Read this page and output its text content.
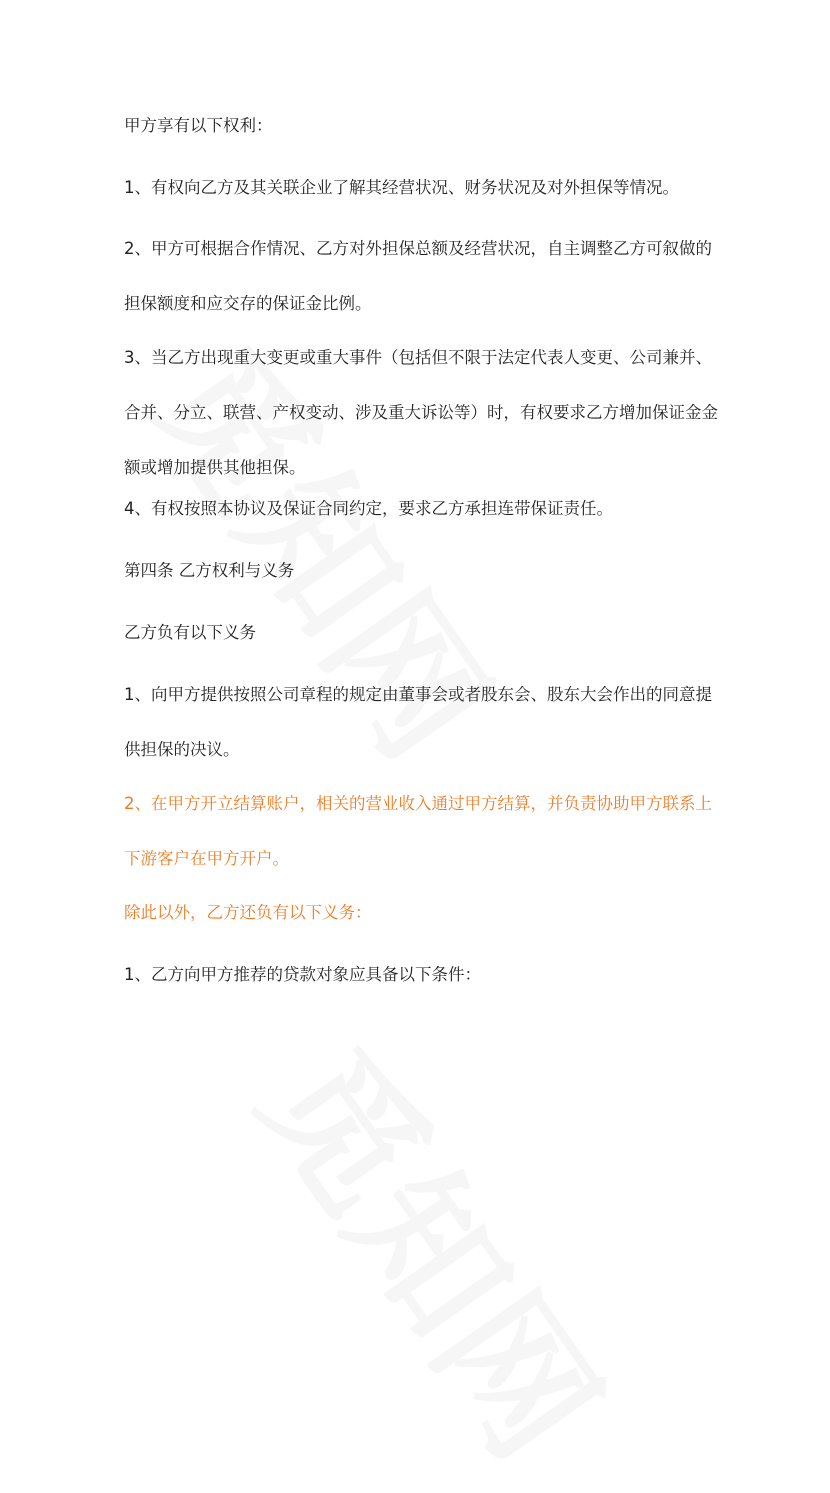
甲方享有以下权利：

1、有权向乙方及其关联企业了解其经营状况、财务状况及对外担保等情况。

2、甲方可根据合作情况、乙方对外担保总额及经营状况，自主调整乙方可叙做的担保额度和应交存的保证金比例。

3、当乙方出现重大变更或重大事件（包括但不限于法定代表人变更、公司兼并、合并、分立、联营、产权变动、涉及重大诉讼等）时，有权要求乙方增加保证金金额或增加提供其他担保。

4、有权按照本协议及保证合同约定，要求乙方承担连带保证责任。

第四条 乙方权利与义务

乙方负有以下义务

1、向甲方提供按照公司章程的规定由董事会或者股东会、股东大会作出的同意提供担保的决议。

2、在甲方开立结算账户，相关的营业收入通过甲方结算，并负责协助甲方联系上下游客户在甲方开户。

除此以外，乙方还负有以下义务：

1、乙方向甲方推荐的贷款对象应具备以下条件：
